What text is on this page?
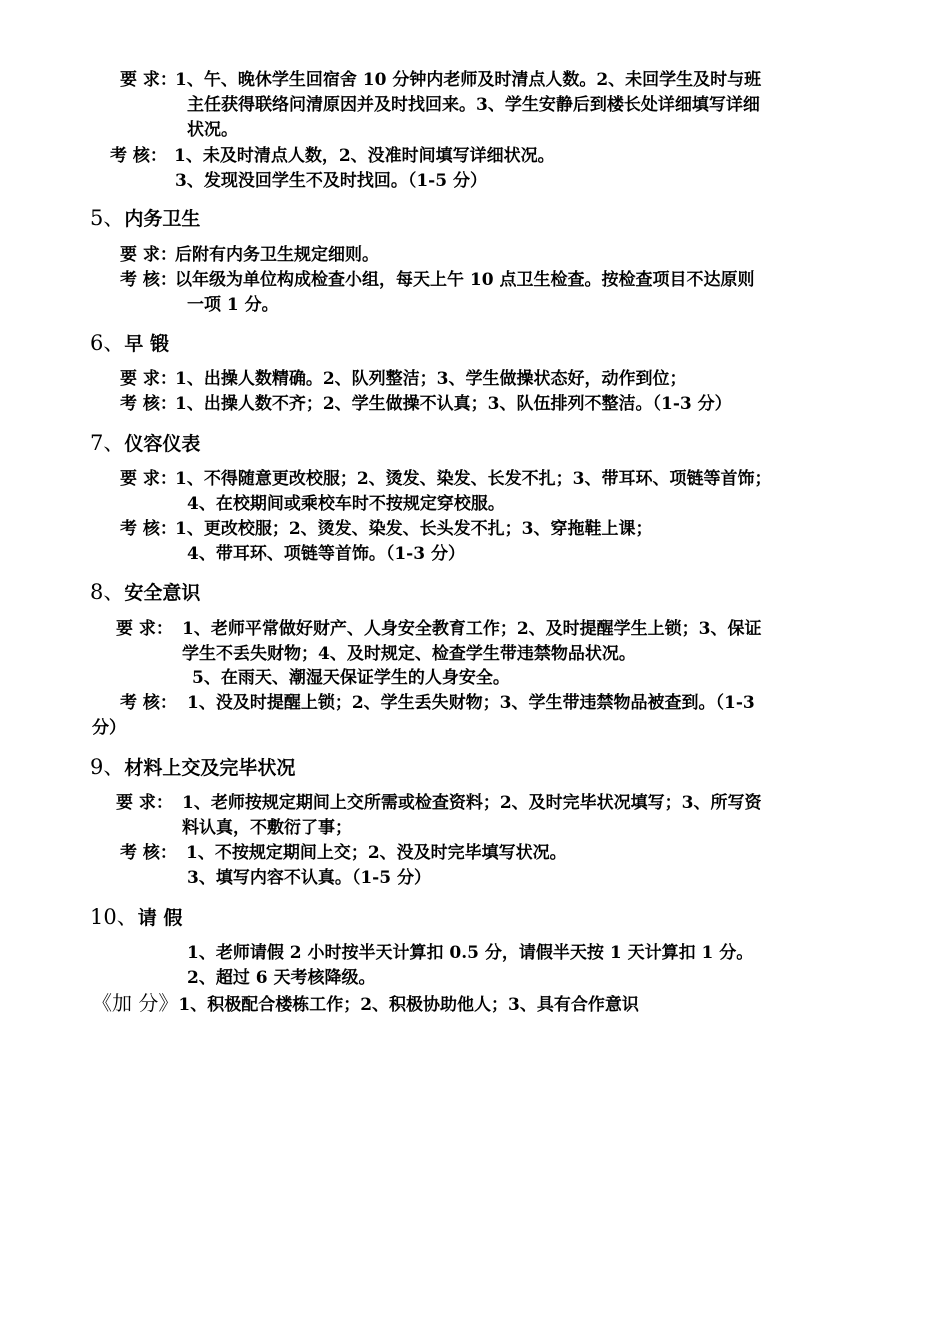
要 求：1、午、晚休学生回宿舍 10 分钟内老师及时清点人数。2、未回学生及时与班
主任获得联络问清原因并及时找回来。3、学生安静后到楼长处详细填写详细
状况。
考 核： 1、未及时清点人数，2、没准时间填写详细状况。
3、发现没回学生不及时找回。（1-5 分）
5、内务卫生
要 求：后附有内务卫生规定细则。
考 核：以年级为单位构成检查小组，每天上午 10 点卫生检查。按检查项目不达原则
一项 1 分。
6、早 锻
要 求：1、出操人数精确。2、队列整洁；3、学生做操状态好，动作到位；
考 核：1、出操人数不齐；2、学生做操不认真；3、队伍排列不整洁。（1-3 分）
7、仪容仪表
要 求：1、不得随意更改校服；2、烫发、染发、长发不扎；3、带耳环、项链等首饰；
4、在校期间或乘校车时不按规定穿校服。
考 核：1、更改校服；2、烫发、染发、长头发不扎；3、穿拖鞋上课；
4、带耳环、项链等首饰。（1-3 分）
8、安全意识
要 求： 1、老师平常做好财产、人身安全教育工作；2、及时提醒学生上锁；3、保证
学生不丢失财物；4、及时规定、检查学生带违禁物品状况。
5、在雨天、潮湿天保证学生的人身安全。
考 核： 1、没及时提醒上锁；2、学生丢失财物；3、学生带违禁物品被查到。（1-3
分）
9、材料上交及完毕状况
要 求： 1、老师按规定期间上交所需或检查资料；2、及时完毕状况填写；3、所写资
料认真，不敷衍了事；
考 核： 1、不按规定期间上交；2、没及时完毕填写状况。
3、填写内容不认真。（1-5 分）
10、请 假
1、老师请假 2 小时按半天计算扣 0.5 分，请假半天按 1 天计算扣 1 分。
2、超过 6 天考核降级。
《加 分》1、积极配合楼栋工作；2、积极协助他人；3、具有合作意识
